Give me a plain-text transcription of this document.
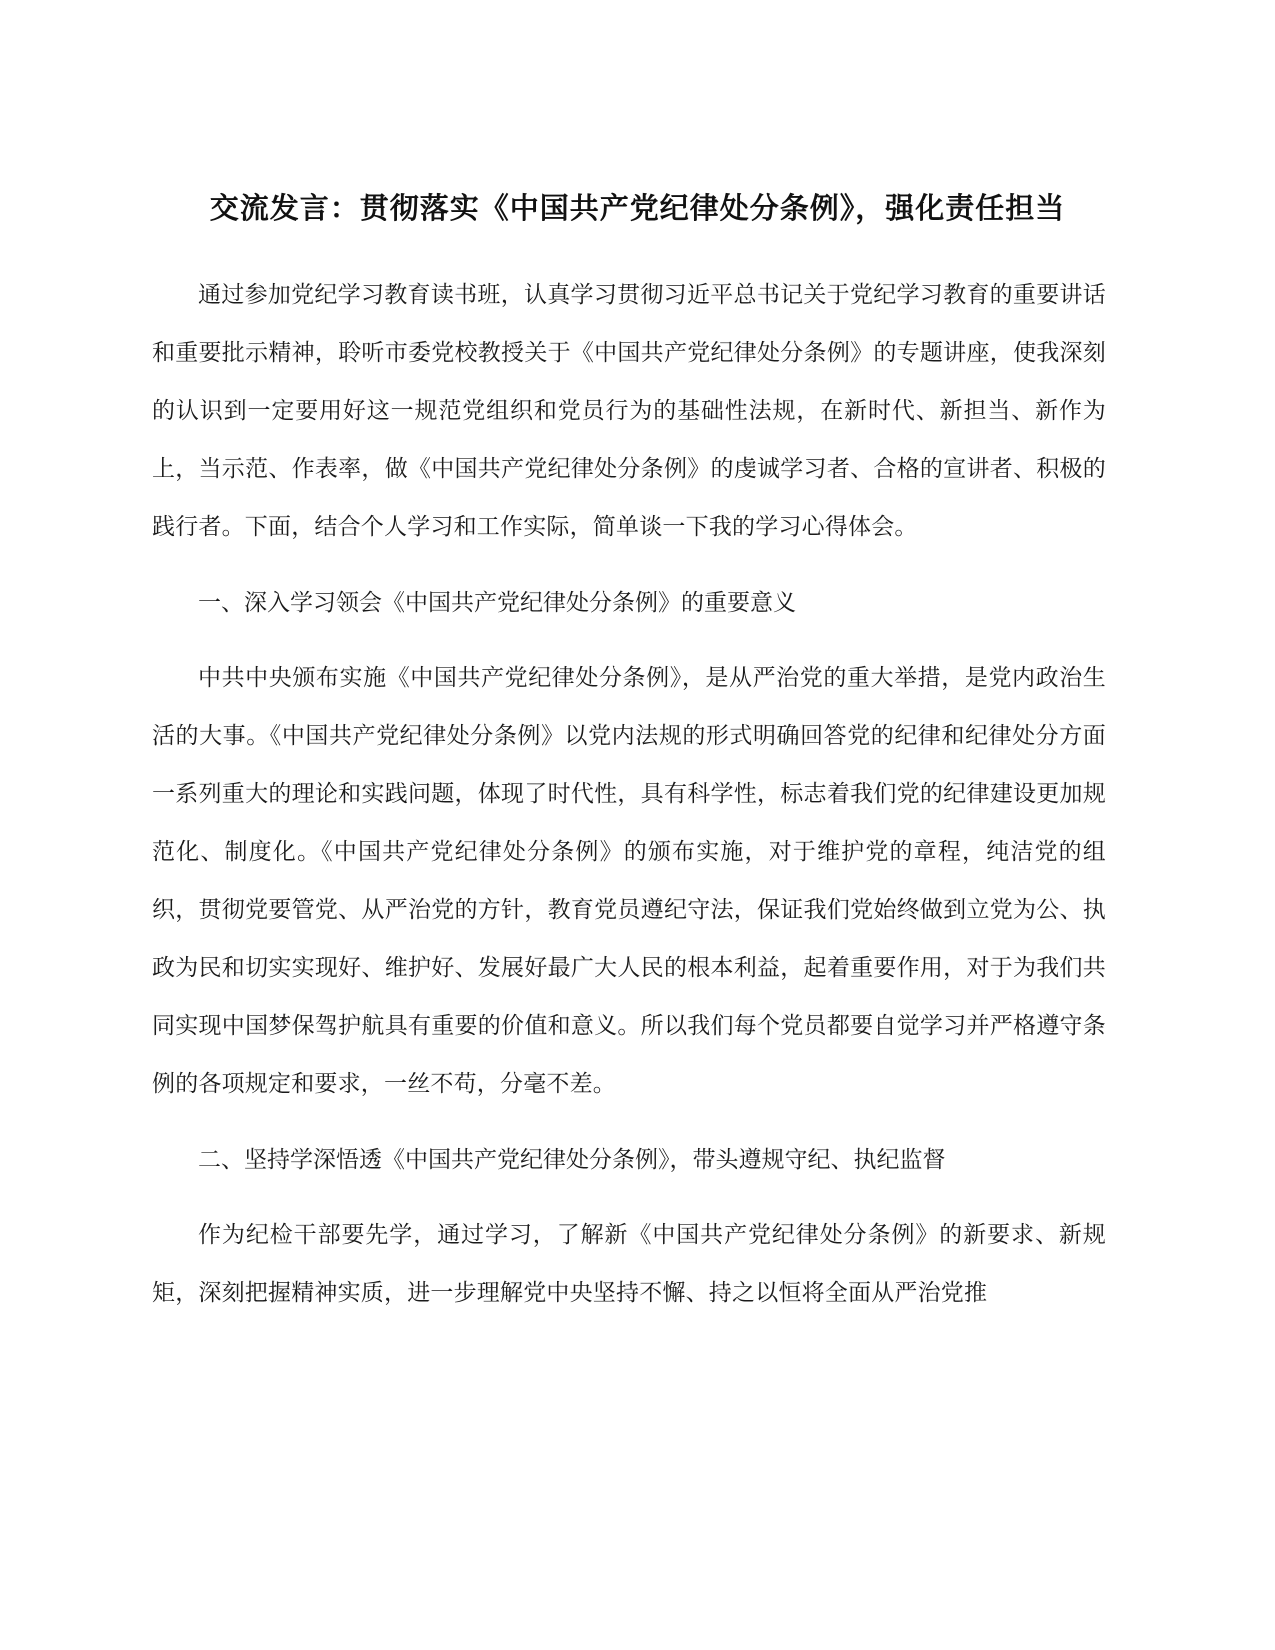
交流发言：贯彻落实《中国共产党纪律处分条例》，强化责任担当

通过参加党纪学习教育读书班，认真学习贯彻习近平总书记关于党纪学习教育的重要讲话和重要批示精神，聆听市委党校教授关于《中国共产党纪律处分条例》的专题讲座，使我深刻的认识到一定要用好这一规范党组织和党员行为的基础性法规，在新时代、新担当、新作为上，当示范、作表率，做《中国共产党纪律处分条例》的虔诚学习者、合格的宣讲者、积极的践行者。下面，结合个人学习和工作实际，简单谈一下我的学习心得体会。

一、深入学习领会《中国共产党纪律处分条例》的重要意义

中共中央颁布实施《中国共产党纪律处分条例》，是从严治党的重大举措，是党内政治生活的大事。《中国共产党纪律处分条例》以党内法规的形式明确回答党的纪律和纪律处分方面一系列重大的理论和实践问题，体现了时代性，具有科学性，标志着我们党的纪律建设更加规范化、制度化。《中国共产党纪律处分条例》的颁布实施，对于维护党的章程，纯洁党的组织，贯彻党要管党、从严治党的方针，教育党员遵纪守法，保证我们党始终做到立党为公、执政为民和切实实现好、维护好、发展好最广大人民的根本利益，起着重要作用，对于为我们共同实现中国梦保驾护航具有重要的价值和意义。所以我们每个党员都要自觉学习并严格遵守条例的各项规定和要求，一丝不苟，分毫不差。

二、坚持学深悟透《中国共产党纪律处分条例》，带头遵规守纪、执纪监督

作为纪检干部要先学，通过学习，了解新《中国共产党纪律处分条例》的新要求、新规矩，深刻把握精神实质，进一步理解党中央坚持不懈、持之以恒将全面从严治党推
